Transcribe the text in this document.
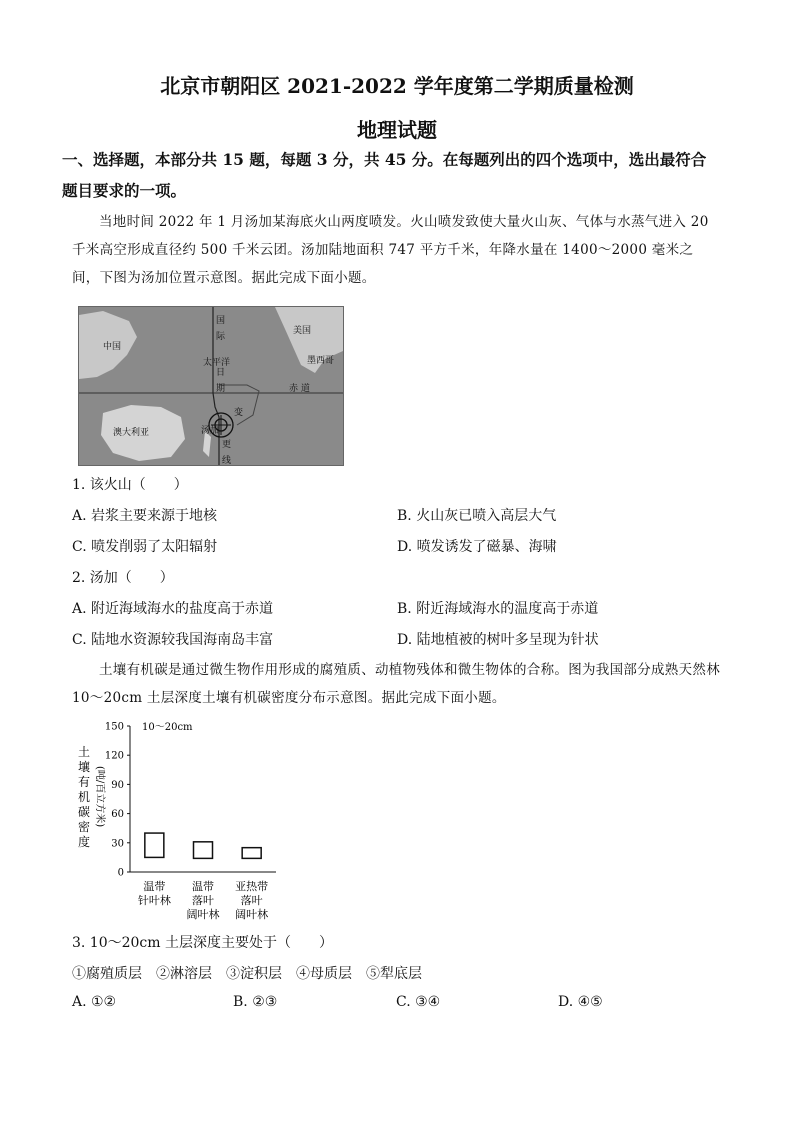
北京市朝阳区 2021-2022 学年度第二学期质量检测
地理试题
一、选择题，本部分共 15 题，每题 3 分，共 45 分。在每题列出的四个选项中，选出最符合
题目要求的一项。
当地时间 2022 年 1 月汤加某海底火山两度喷发。火山喷发致使大量火山灰、气体与水蒸气进入 20 千米高空形成直径约 500 千米云团。汤加陆地面积 747 平方千米，年降水量在 1400～2000 毫米之间，下图为汤加位置示意图。据此完成下面小题。
中国
美国
墨西哥
太平洋
澳大利亚	汤加
赤 道
国
际
日
期
变
更
线
1. 该火山（　　）
A. 岩浆主要来源于地核	B. 火山灰已喷入高层大气
C. 喷发削弱了太阳辐射	D. 喷发诱发了磁暴、海啸
2. 汤加（　　）
A. 附近海域海水的盐度高于赤道	B. 附近海域海水的温度高于赤道
C. 陆地水资源较我国海南岛丰富	D. 陆地植被的树叶多呈现为针状
土壤有机碳是通过微生物作用形成的腐殖质、动植物残体和微生物体的合称。图为我国部分成熟天然林 10～20cm 土层深度土壤有机碳密度分布示意图。据此完成下面小题。
150
120
90
60
30
0
10～20cm
土
壤
有
机
碳
密
度
(吨/百立方米)
温带
针叶林
温带
落叶
阔叶林
亚热带
落叶
阔叶林
3. 10～20cm 土层深度主要处于（　　）
①腐殖质层　②淋溶层　③淀积层　④母质层　⑤犁底层
A. ①②	B. ②③	C. ③④	D. ④⑤
